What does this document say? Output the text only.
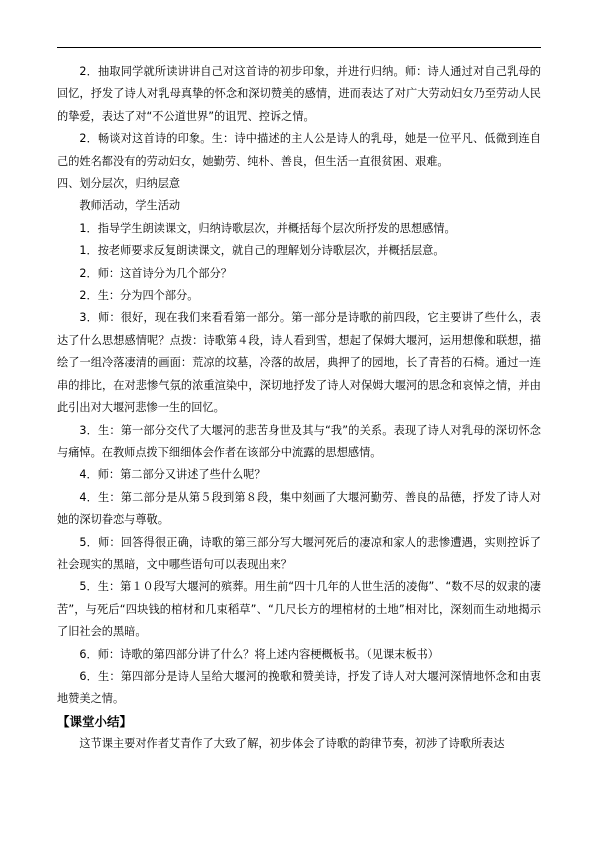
2．抽取同学就所读讲讲自己对这首诗的初步印象，并进行归纳。师：诗人通过对自己乳母的回忆，抒发了诗人对乳母真挚的怀念和深切赞美的感情，进而表达了对广大劳动妇女乃至劳动人民的挚爱，表达了对“不公道世界”的诅咒、控诉之情。

2．畅谈对这首诗的印象。生：诗中描述的主人公是诗人的乳母，她是一位平凡、低微到连自己的姓名都没有的劳动妇女，她勤劳、纯朴、善良，但生活一直很贫困、艰难。

四、划分层次，归纳层意

教师活动，学生活动

1．指导学生朗读课文，归纳诗歌层次，并概括每个层次所抒发的思想感情。

1．按老师要求反复朗读课文，就自己的理解划分诗歌层次，并概括层意。

2．师：这首诗分为几个部分？

2．生：分为四个部分。

3．师：很好，现在我们来看看第一部分。第一部分是诗歌的前四段，它主要讲了些什么，表达了什么思想感情呢？点拨：诗歌第４段，诗人看到雪，想起了保姆大堰河，运用想像和联想，描绘了一组冷落凄清的画面：荒凉的坟墓，冷落的故居，典押了的园地，长了青苔的石椅。通过一连串的排比，在对悲惨气氛的浓重渲染中，深切地抒发了诗人对保姆大堰河的思念和哀悼之情，并由此引出对大堰河悲惨一生的回忆。

3．生：第一部分交代了大堰河的悲苦身世及其与“我”的关系。表现了诗人对乳母的深切怀念与痛悼。在教师点拨下细细体会作者在该部分中流露的思想感情。

4．师：第二部分又讲述了些什么呢？

4．生：第二部分是从第５段到第８段，集中刻画了大堰河勤劳、善良的品德，抒发了诗人对她的深切眷恋与尊敬。

5．师：回答得很正确，诗歌的第三部分写大堰河死后的凄凉和家人的悲惨遭遇，实则控诉了社会现实的黑暗，文中哪些语句可以表现出来？

5．生：第１０段写大堰河的殡葬。用生前“四十几年的人世生活的凌侮”、“数不尽的奴隶的凄苦”，与死后“四块钱的棺材和几束稻草”、“几尺长方的埋棺材的土地”相对比，深刻而生动地揭示了旧社会的黑暗。

6．师：诗歌的第四部分讲了什么？将上述内容梗概板书。（见课末板书）

6．生：第四部分是诗人呈给大堰河的挽歌和赞美诗，抒发了诗人对大堰河深情地怀念和由衷地赞美之情。

【课堂小结】

这节课主要对作者艾青作了大致了解，初步体会了诗歌的韵律节奏，初涉了诗歌所表达
